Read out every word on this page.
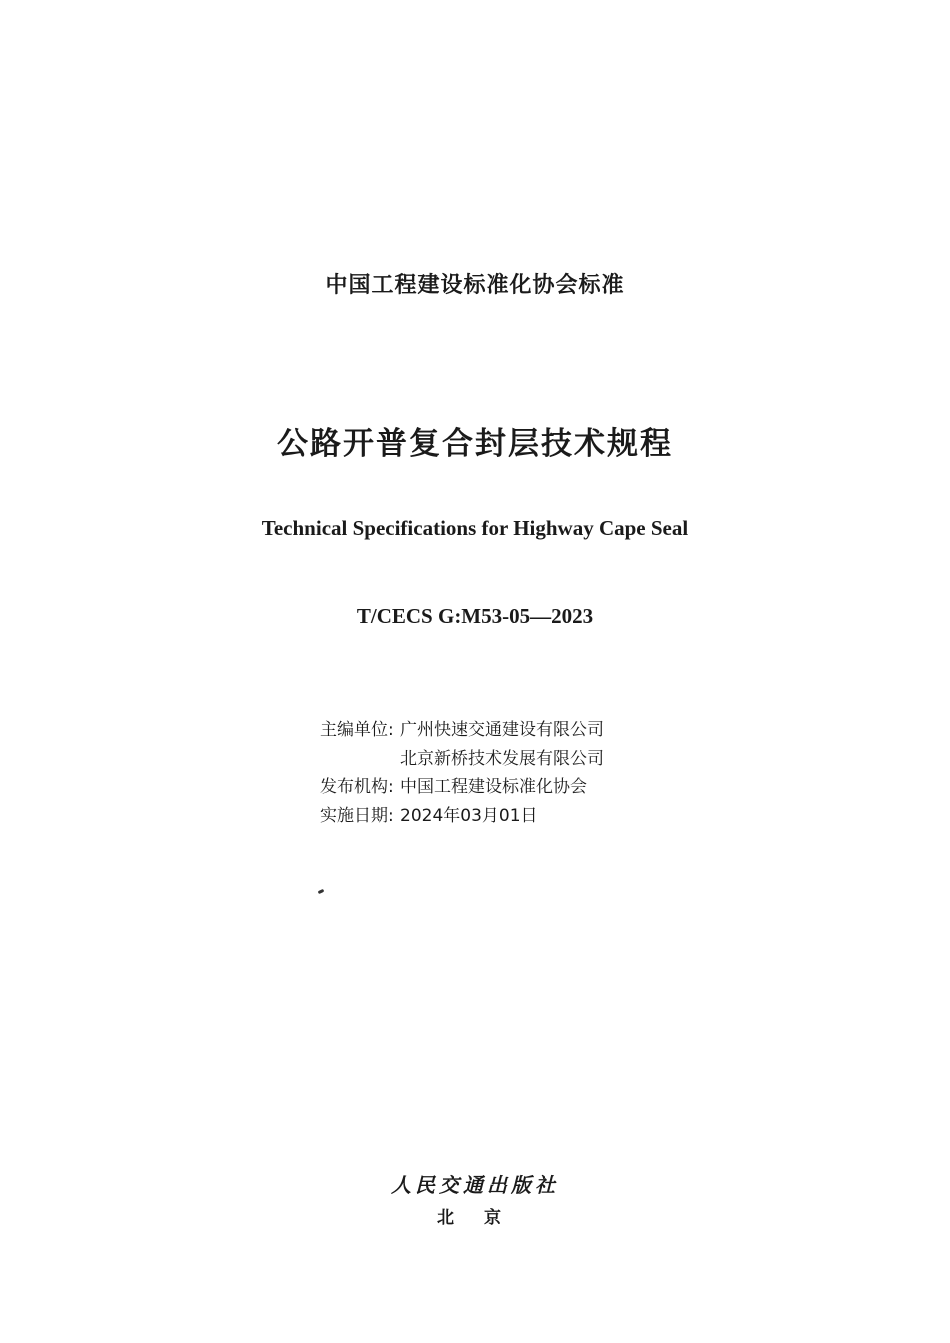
中国工程建设标准化协会标准
公路开普复合封层技术规程
Technical Specifications for Highway Cape Seal
T/CECS G:M53-05—2023
主编单位: 广州快速交通建设有限公司
北京新桥技术发展有限公司
发布机构: 中国工程建设标准化协会
实施日期: 2024年03月01日
人民交通出版社
北 京
